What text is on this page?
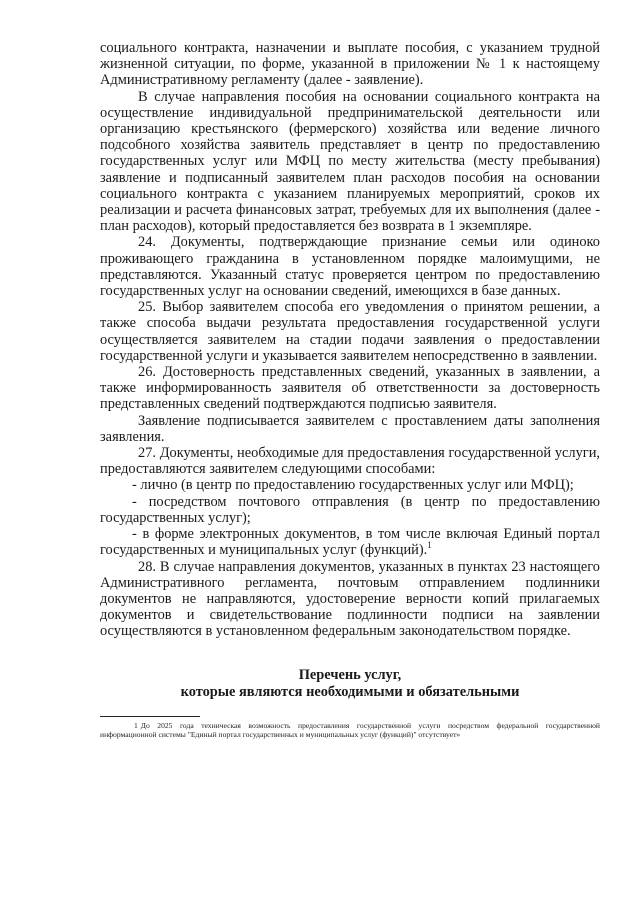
социального контракта, назначении и выплате пособия, с указанием трудной жизненной ситуации, по форме, указанной в приложении № 1 к настоящему Административному регламенту (далее - заявление).

В случае направления пособия на основании социального контракта на осуществление индивидуальной предпринимательской деятельности или организацию крестьянского (фермерского) хозяйства или ведение личного подсобного хозяйства заявитель представляет в центр по предоставлению государственных услуг или МФЦ по месту жительства (месту пребывания) заявление и подписанный заявителем план расходов пособия на основании социального контракта с указанием планируемых мероприятий, сроков их реализации и расчета финансовых затрат, требуемых для их выполнения (далее - план расходов), который предоставляется без возврата в 1 экземпляре.

24. Документы, подтверждающие признание семьи или одиноко проживающего гражданина в установленном порядке малоимущими, не представляются. Указанный статус проверяется центром по предоставлению государственных услуг на основании сведений, имеющихся в базе данных.

25. Выбор заявителем способа его уведомления о принятом решении, а также способа выдачи результата предоставления государственной услуги осуществляется заявителем на стадии подачи заявления о предоставлении государственной услуги и указывается заявителем непосредственно в заявлении.

26. Достоверность представленных сведений, указанных в заявлении, а также информированность заявителя об ответственности за достоверность представленных сведений подтверждаются подписью заявителя.

Заявление подписывается заявителем с проставлением даты заполнения заявления.

27. Документы, необходимые для предоставления государственной услуги, предоставляются заявителем следующими способами:

- лично (в центр по предоставлению государственных услуг или МФЦ);

- посредством почтового отправления (в центр по предоставлению государственных услуг);

- в форме электронных документов, в том числе включая Единый портал государственных и муниципальных услуг (функций).$^1$

28. В случае направления документов, указанных в пунктах 23 настоящего Административного регламента, почтовым отправлением подлинники документов не направляются, удостоверение верности копий прилагаемых документов и свидетельствование подлинности подписи на заявлении осуществляются в установленном федеральным законодательством порядке.

Перечень услуг,
которые являются необходимыми и обязательными
1 До 2025 года техническая возможность предоставления государственной услуги посредством федеральной государственной информационной системы "Единый портал государственных и муниципальных услуг (функций)" отсутствует»
